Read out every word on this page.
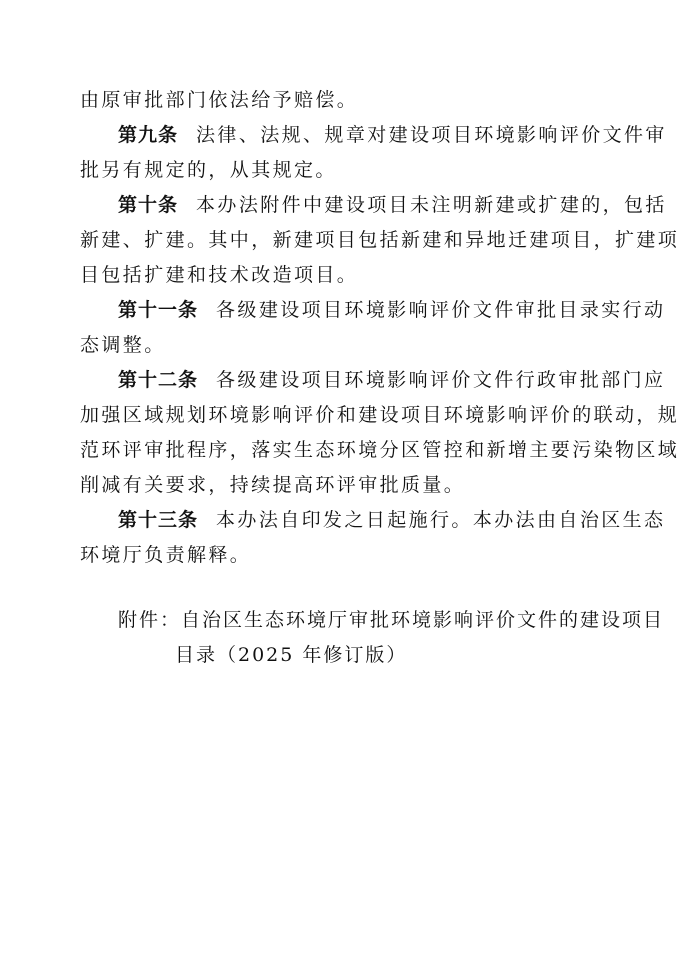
由原审批部门依法给予赔偿。
第九条 法律、法规、规章对建设项目环境影响评价文件审
批另有规定的，从其规定。
第十条 本办法附件中建设项目未注明新建或扩建的，包括
新建、扩建。其中，新建项目包括新建和异地迁建项目，扩建项
目包括扩建和技术改造项目。
第十一条 各级建设项目环境影响评价文件审批目录实行动
态调整。
第十二条 各级建设项目环境影响评价文件行政审批部门应
加强区域规划环境影响评价和建设项目环境影响评价的联动，规
范环评审批程序，落实生态环境分区管控和新增主要污染物区域
削减有关要求，持续提高环评审批质量。
第十三条 本办法自印发之日起施行。本办法由自治区生态
环境厅负责解释。
附件：自治区生态环境厅审批环境影响评价文件的建设项目
目录（2025 年修订版）
